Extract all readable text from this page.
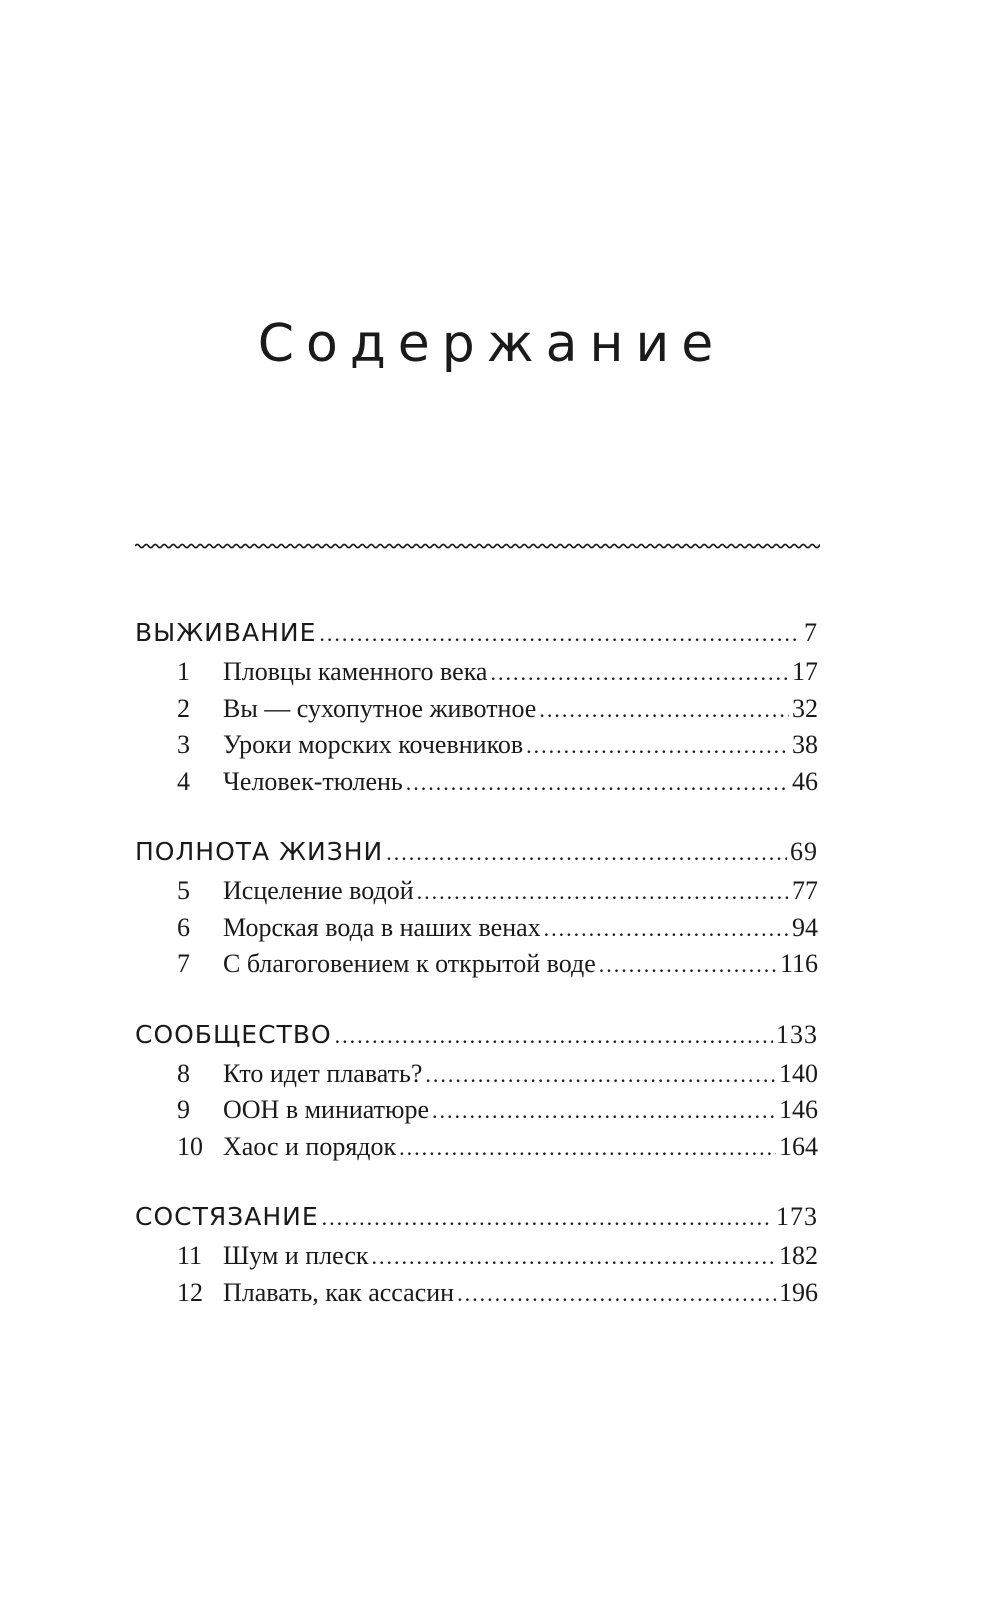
Содержание
ВЫЖИВАНИЕ .....	7
1	Пловцы каменного века .....	17
2	Вы — сухопутное животное .....	32
3	Уроки морских кочевников .....	38
4	Человек-тюлень .....	46
ПОЛНОТА ЖИЗНИ .....	69
5	Исцеление водой .....	77
6	Морская вода в наших венах .....	94
7	С благоговением к открытой воде .....	116
СООБЩЕСТВО .....	133
8	Кто идет плавать? .....	140
9	ООН в миниатюре .....	146
10 Хаос и порядок .....	164
СОСТЯЗАНИЕ .....	173
11 Шум и плеск .....	182
12 Плавать, как ассасин .....	196
